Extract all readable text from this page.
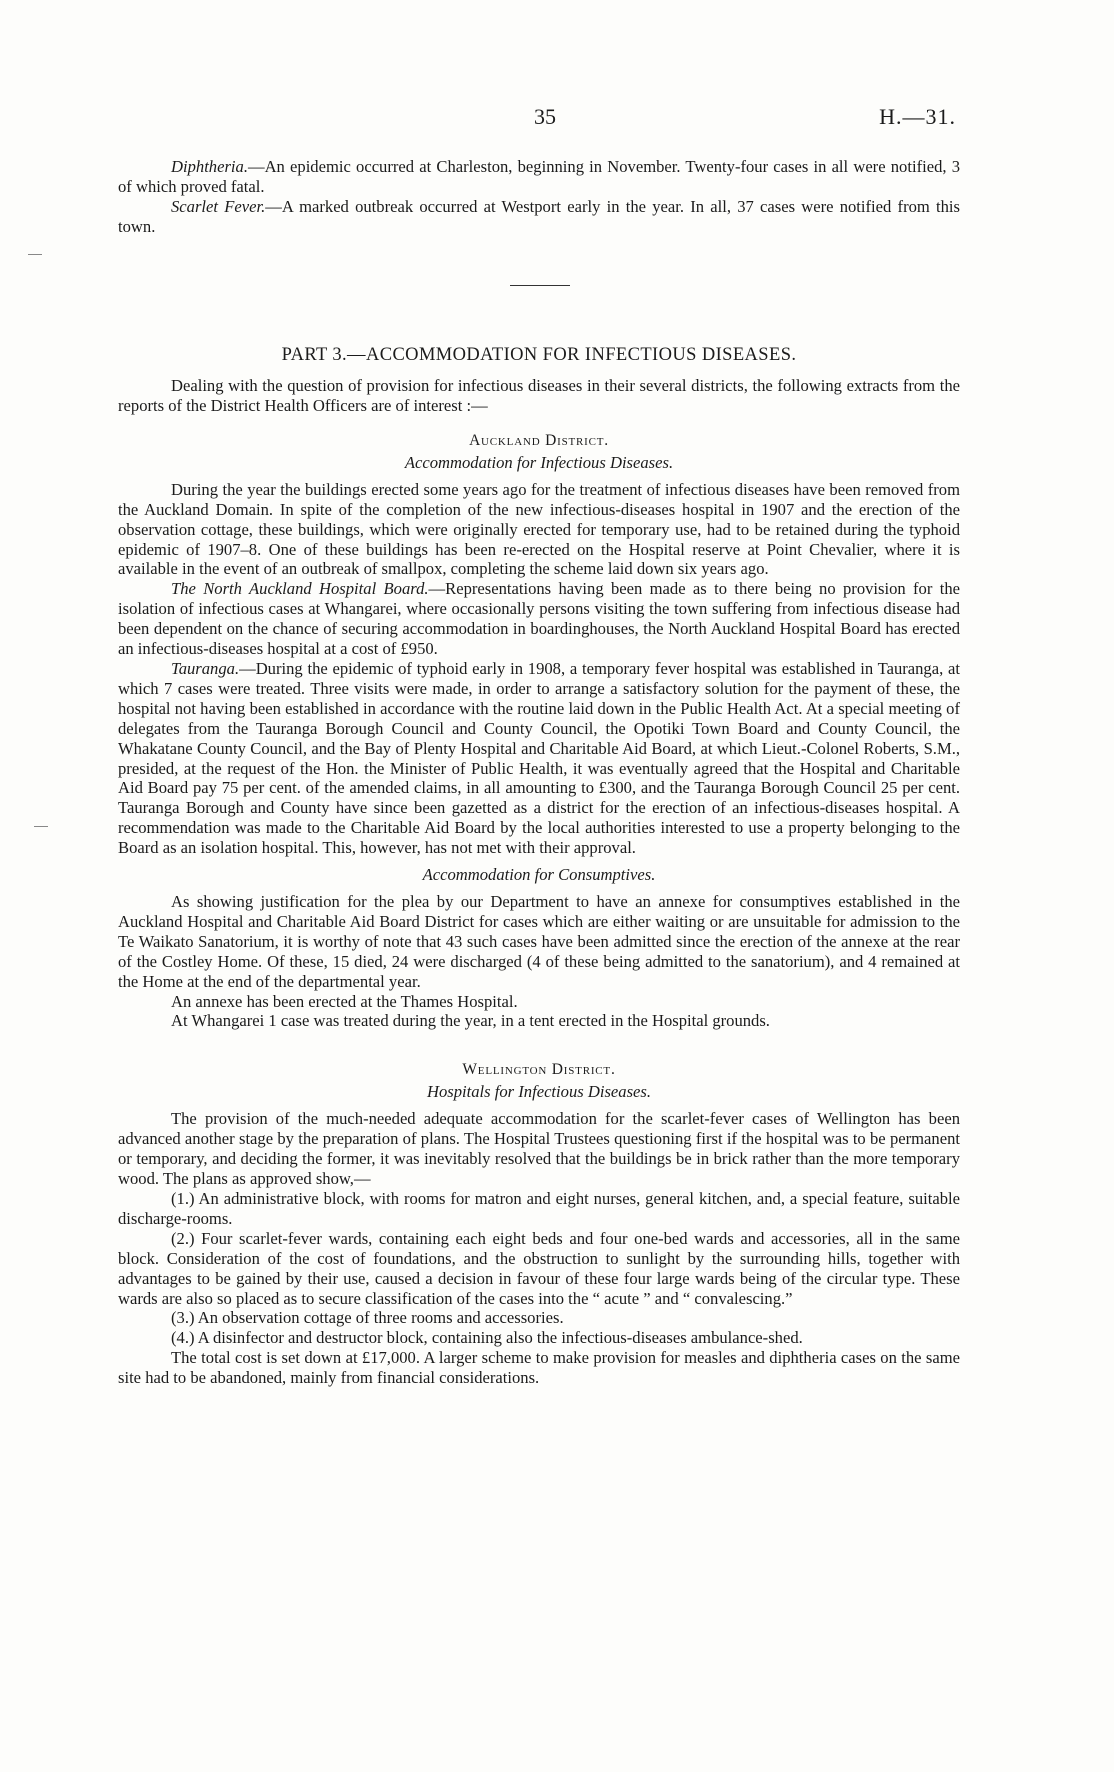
35	H.—31.

Diphtheria.—An epidemic occurred at Charleston, beginning in November. Twenty-four cases in all were notified, 3 of which proved fatal.

Scarlet Fever.—A marked outbreak occurred at Westport early in the year. In all, 37 cases were notified from this town.

PART 3.—ACCOMMODATION FOR INFECTIOUS DISEASES.

Dealing with the question of provision for infectious diseases in their several districts, the following extracts from the reports of the District Health Officers are of interest :—

Auckland District.
Accommodation for Infectious Diseases.

During the year the buildings erected some years ago for the treatment of infectious diseases have been removed from the Auckland Domain. In spite of the completion of the new infectious-diseases hospital in 1907 and the erection of the observation cottage, these buildings, which were originally erected for temporary use, had to be retained during the typhoid epidemic of 1907–8. One of these buildings has been re-erected on the Hospital reserve at Point Chevalier, where it is available in the event of an outbreak of smallpox, completing the scheme laid down six years ago.

The North Auckland Hospital Board.—Representations having been made as to there being no provision for the isolation of infectious cases at Whangarei, where occasionally persons visiting the town suffering from infectious disease had been dependent on the chance of securing accommodation in boardinghouses, the North Auckland Hospital Board has erected an infectious-diseases hospital at a cost of £950.

Tauranga.—During the epidemic of typhoid early in 1908, a temporary fever hospital was established in Tauranga, at which 7 cases were treated. Three visits were made, in order to arrange a satisfactory solution for the payment of these, the hospital not having been established in accordance with the routine laid down in the Public Health Act. At a special meeting of delegates from the Tauranga Borough Council and County Council, the Opotiki Town Board and County Council, the Whakatane County Council, and the Bay of Plenty Hospital and Charitable Aid Board, at which Lieut.-Colonel Roberts, S.M., presided, at the request of the Hon. the Minister of Public Health, it was eventually agreed that the Hospital and Charitable Aid Board pay 75 per cent. of the amended claims, in all amounting to £300, and the Tauranga Borough Council 25 per cent. Tauranga Borough and County have since been gazetted as a district for the erection of an infectious-diseases hospital. A recommendation was made to the Charitable Aid Board by the local authorities interested to use a property belonging to the Board as an isolation hospital. This, however, has not met with their approval.

Accommodation for Consumptives.

As showing justification for the plea by our Department to have an annexe for consumptives established in the Auckland Hospital and Charitable Aid Board District for cases which are either waiting or are unsuitable for admission to the Te Waikato Sanatorium, it is worthy of note that 43 such cases have been admitted since the erection of the annexe at the rear of the Costley Home. Of these, 15 died, 24 were discharged (4 of these being admitted to the sanatorium), and 4 remained at the Home at the end of the departmental year.

An annexe has been erected at the Thames Hospital.

At Whangarei 1 case was treated during the year, in a tent erected in the Hospital grounds.

Wellington District.
Hospitals for Infectious Diseases.

The provision of the much-needed adequate accommodation for the scarlet-fever cases of Wellington has been advanced another stage by the preparation of plans. The Hospital Trustees questioning first if the hospital was to be permanent or temporary, and deciding the former, it was inevitably resolved that the buildings be in brick rather than the more temporary wood. The plans as approved show,—

(1.) An administrative block, with rooms for matron and eight nurses, general kitchen, and, a special feature, suitable discharge-rooms.

(2.) Four scarlet-fever wards, containing each eight beds and four one-bed wards and accessories, all in the same block. Consideration of the cost of foundations, and the obstruction to sunlight by the surrounding hills, together with advantages to be gained by their use, caused a decision in favour of these four large wards being of the circular type. These wards are also so placed as to secure classification of the cases into the “ acute ” and “ convalescing.”

(3.) An observation cottage of three rooms and accessories.

(4.) A disinfector and destructor block, containing also the infectious-diseases ambulance-shed.

The total cost is set down at £17,000. A larger scheme to make provision for measles and diphtheria cases on the same site had to be abandoned, mainly from financial considerations.
